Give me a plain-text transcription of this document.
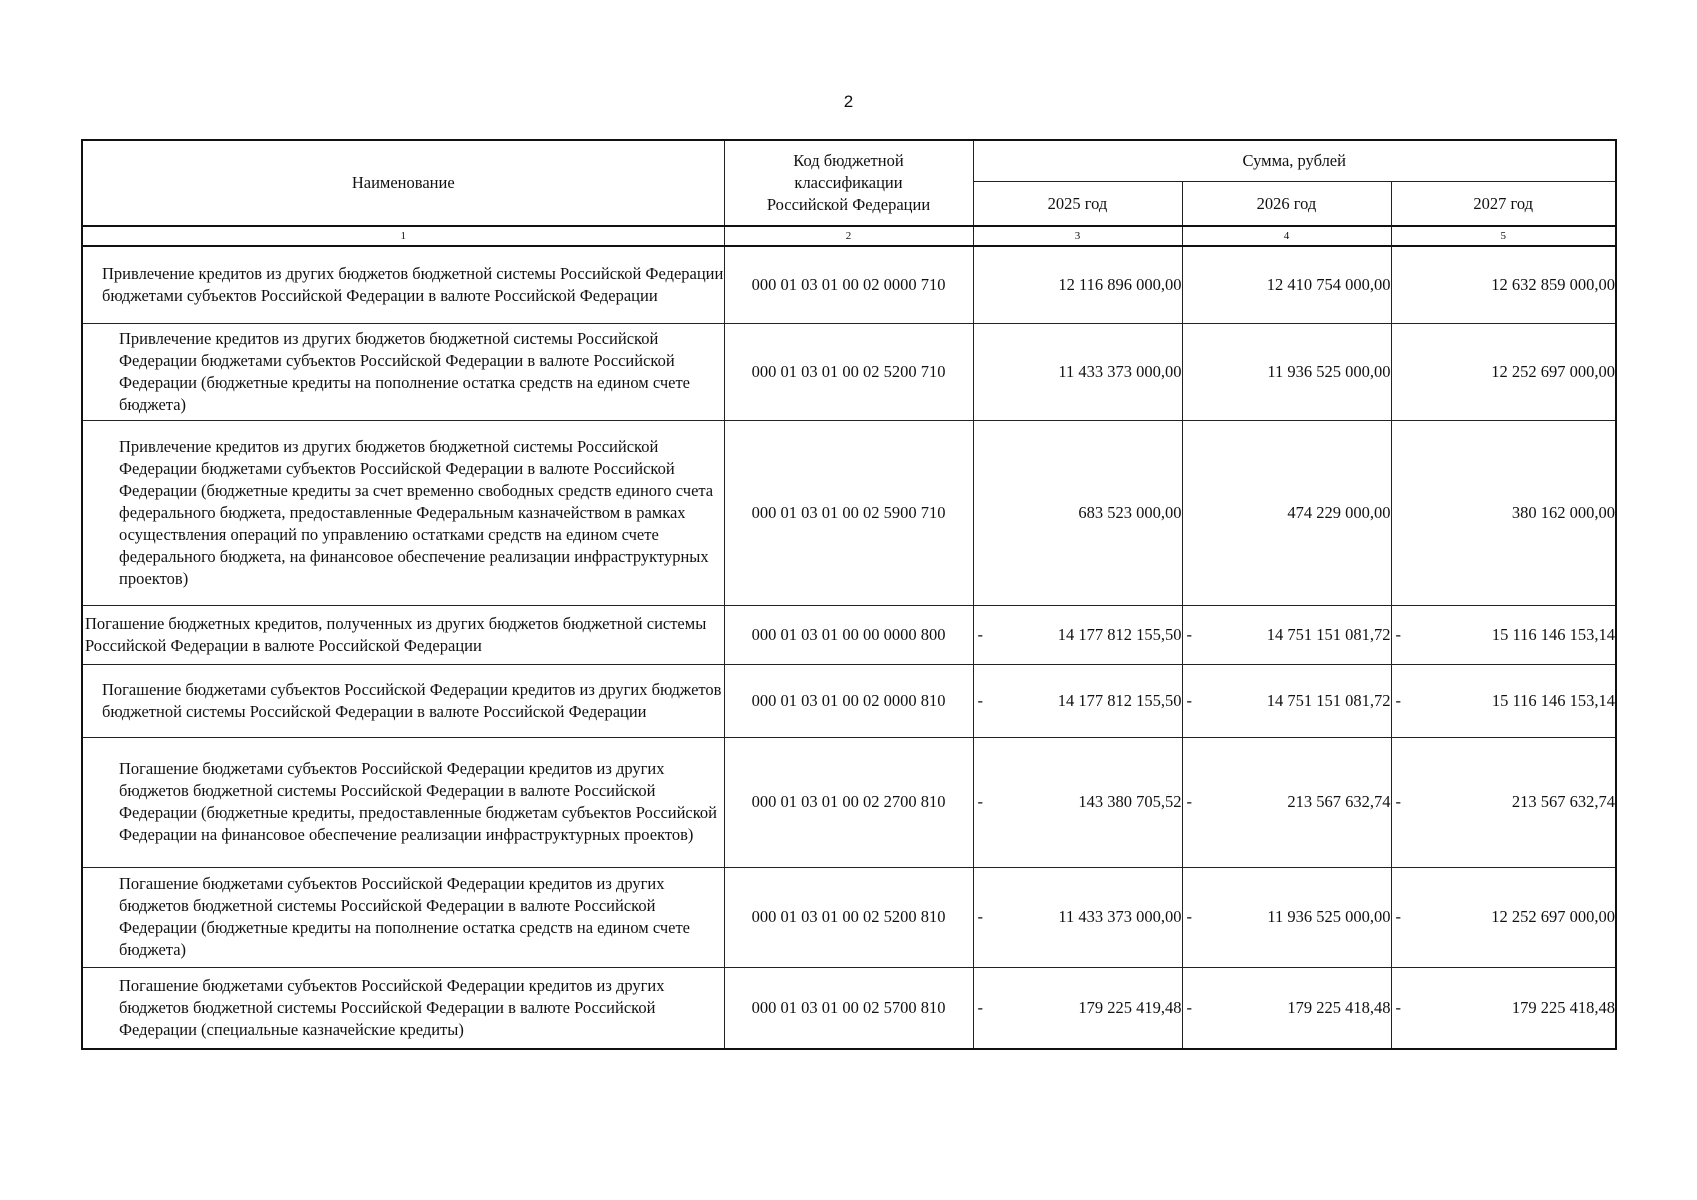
2
Наименование	Код бюджетной классификации Российской Федерации	Сумма, рублей		
		2025 год	2026 год	2027 год
1	2	3	4	5
Привлечение кредитов из других бюджетов бюджетной системы Российской Федерации бюджетами субъектов Российской Федерации в валюте Российской Федерации	000 01 03 01 00 02 0000 710	12 116 896 000,00	12 410 754 000,00	12 632 859 000,00
Привлечение кредитов из других бюджетов бюджетной системы Российской Федерации бюджетами субъектов Российской Федерации в валюте Российской Федерации (бюджетные кредиты на пополнение остатка средств на едином счете бюджета)	000 01 03 01 00 02 5200 710	11 433 373 000,00	11 936 525 000,00	12 252 697 000,00
Привлечение кредитов из других бюджетов бюджетной системы Российской Федерации бюджетами субъектов Российской Федерации в валюте Российской Федерации (бюджетные кредиты за счет временно свободных средств единого счета федерального бюджета, предоставленные Федеральным казначейством в рамках осуществления операций по управлению остатками средств на едином счете федерального бюджета, на финансовое обеспечение реализации инфраструктурных проектов)	000 01 03 01 00 02 5900 710	683 523 000,00	474 229 000,00	380 162 000,00
Погашение бюджетных кредитов, полученных из других бюджетов бюджетной системы Российской Федерации в валюте Российской Федерации	000 01 03 01 00 00 0000 800	- 14 177 812 155,50	- 14 751 151 081,72	- 15 116 146 153,14
Погашение бюджетами субъектов Российской Федерации кредитов из других бюджетов бюджетной системы Российской Федерации в валюте Российской Федерации	000 01 03 01 00 02 0000 810	- 14 177 812 155,50	- 14 751 151 081,72	- 15 116 146 153,14
Погашение бюджетами субъектов Российской Федерации кредитов из других бюджетов бюджетной системы Российской Федерации в валюте Российской Федерации (бюджетные кредиты, предоставленные бюджетам субъектов Российской Федерации на финансовое обеспечение реализации инфраструктурных проектов)	000 01 03 01 00 02 2700 810	- 143 380 705,52	- 213 567 632,74	- 213 567 632,74
Погашение бюджетами субъектов Российской Федерации кредитов из других бюджетов бюджетной системы Российской Федерации в валюте Российской Федерации (бюджетные кредиты на пополнение остатка средств на едином счете бюджета)	000 01 03 01 00 02 5200 810	- 11 433 373 000,00	- 11 936 525 000,00	- 12 252 697 000,00
Погашение бюджетами субъектов Российской Федерации кредитов из других бюджетов бюджетной системы Российской Федерации в валюте Российской Федерации (специальные казначейские кредиты)	000 01 03 01 00 02 5700 810	- 179 225 419,48	- 179 225 418,48	- 179 225 418,48
